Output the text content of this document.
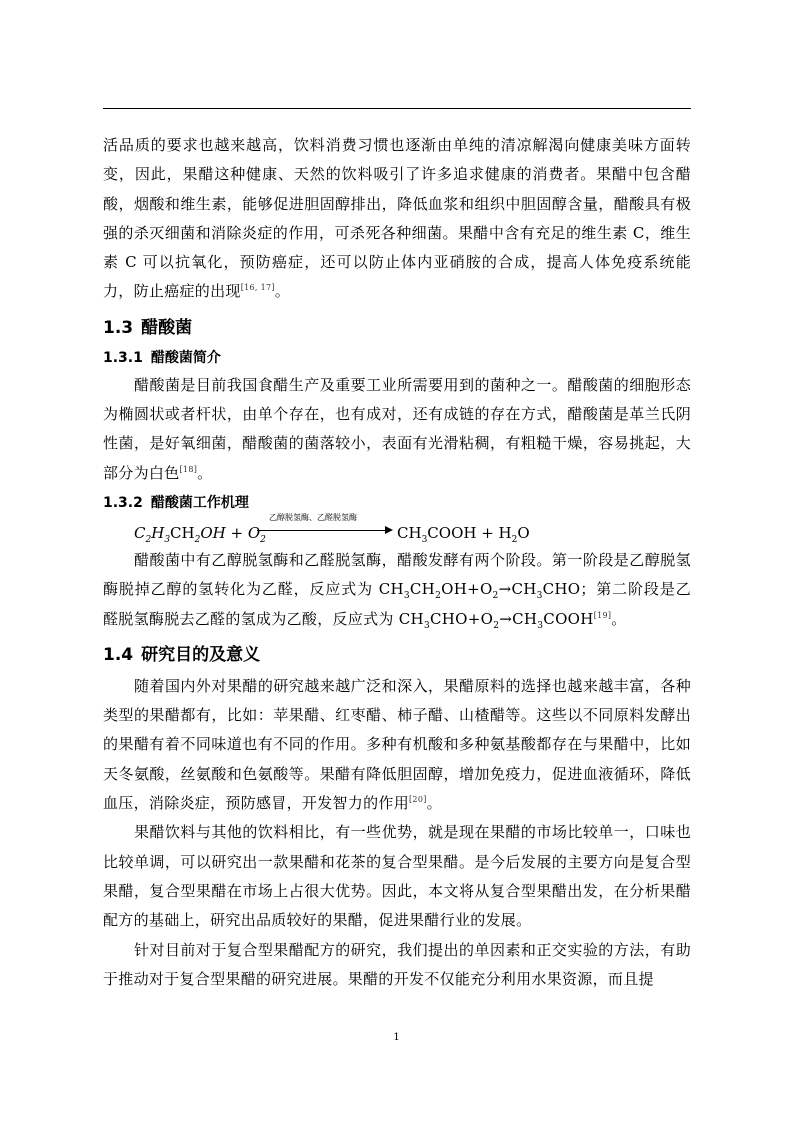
活品质的要求也越来越高，饮料消费习惯也逐渐由单纯的清凉解渴向健康美味方面转变，因此，果醋这种健康、天然的饮料吸引了许多追求健康的消费者。果醋中包含醋酸，烟酸和维生素，能够促进胆固醇排出，降低血浆和组织中胆固醇含量，醋酸具有极强的杀灭细菌和消除炎症的作用，可杀死各种细菌。果醋中含有充足的维生素 C，维生素 C 可以抗氧化，预防癌症，还可以防止体内亚硝胺的合成，提高人体免疫系统能力，防止癌症的出现[16, 17]。

1.3 醋酸菌
1.3.1 醋酸菌简介

醋酸菌是目前我国食醋生产及重要工业所需要用到的菌种之一。醋酸菌的细胞形态为椭圆状或者杆状，由单个存在，也有成对，还有成链的存在方式，醋酸菌是革兰氏阴性菌，是好氧细菌，醋酸菌的菌落较小，表面有光滑粘稠，有粗糙干燥，容易挑起，大部分为白色[18]。

1.3.2 醋酸菌工作机理
$C_2H_3CH_2OH + O_2$
乙醇脱氢酶、乙醛脱氢酶
$CH_3COOH + H_2O$

醋酸菌中有乙醇脱氢酶和乙醛脱氢酶，醋酸发酵有两个阶段。第一阶段是乙醇脱氢酶脱掉乙醇的氢转化为乙醛，反应式为 $CH_3CH_2OH+O_2\to CH_3CHO$；第二阶段是乙醛脱氢酶脱去乙醛的氢成为乙酸，反应式为 $CH_3CHO+O_2\to CH_3COOH[19]$。

1.4 研究目的及意义

随着国内外对果醋的研究越来越广泛和深入，果醋原料的选择也越来越丰富，各种类型的果醋都有，比如：苹果醋、红枣醋、柿子醋、山楂醋等。这些以不同原料发酵出的果醋有着不同味道也有不同的作用。多种有机酸和多种氨基酸都存在与果醋中，比如天冬氨酸，丝氨酸和色氨酸等。果醋有降低胆固醇，增加免疫力，促进血液循环，降低血压，消除炎症，预防感冒，开发智力的作用[20]。

果醋饮料与其他的饮料相比，有一些优势，就是现在果醋的市场比较单一，口味也比较单调，可以研究出一款果醋和花茶的复合型果醋。是今后发展的主要方向是复合型果醋，复合型果醋在市场上占很大优势。因此，本文将从复合型果醋出发，在分析果醋配方的基础上，研究出品质较好的果醋，促进果醋行业的发展。

针对目前对于复合型果醋配方的研究，我们提出的单因素和正交实验的方法，有助于推动对于复合型果醋的研究进展。果醋的开发不仅能充分利用水果资源，而且提

1
